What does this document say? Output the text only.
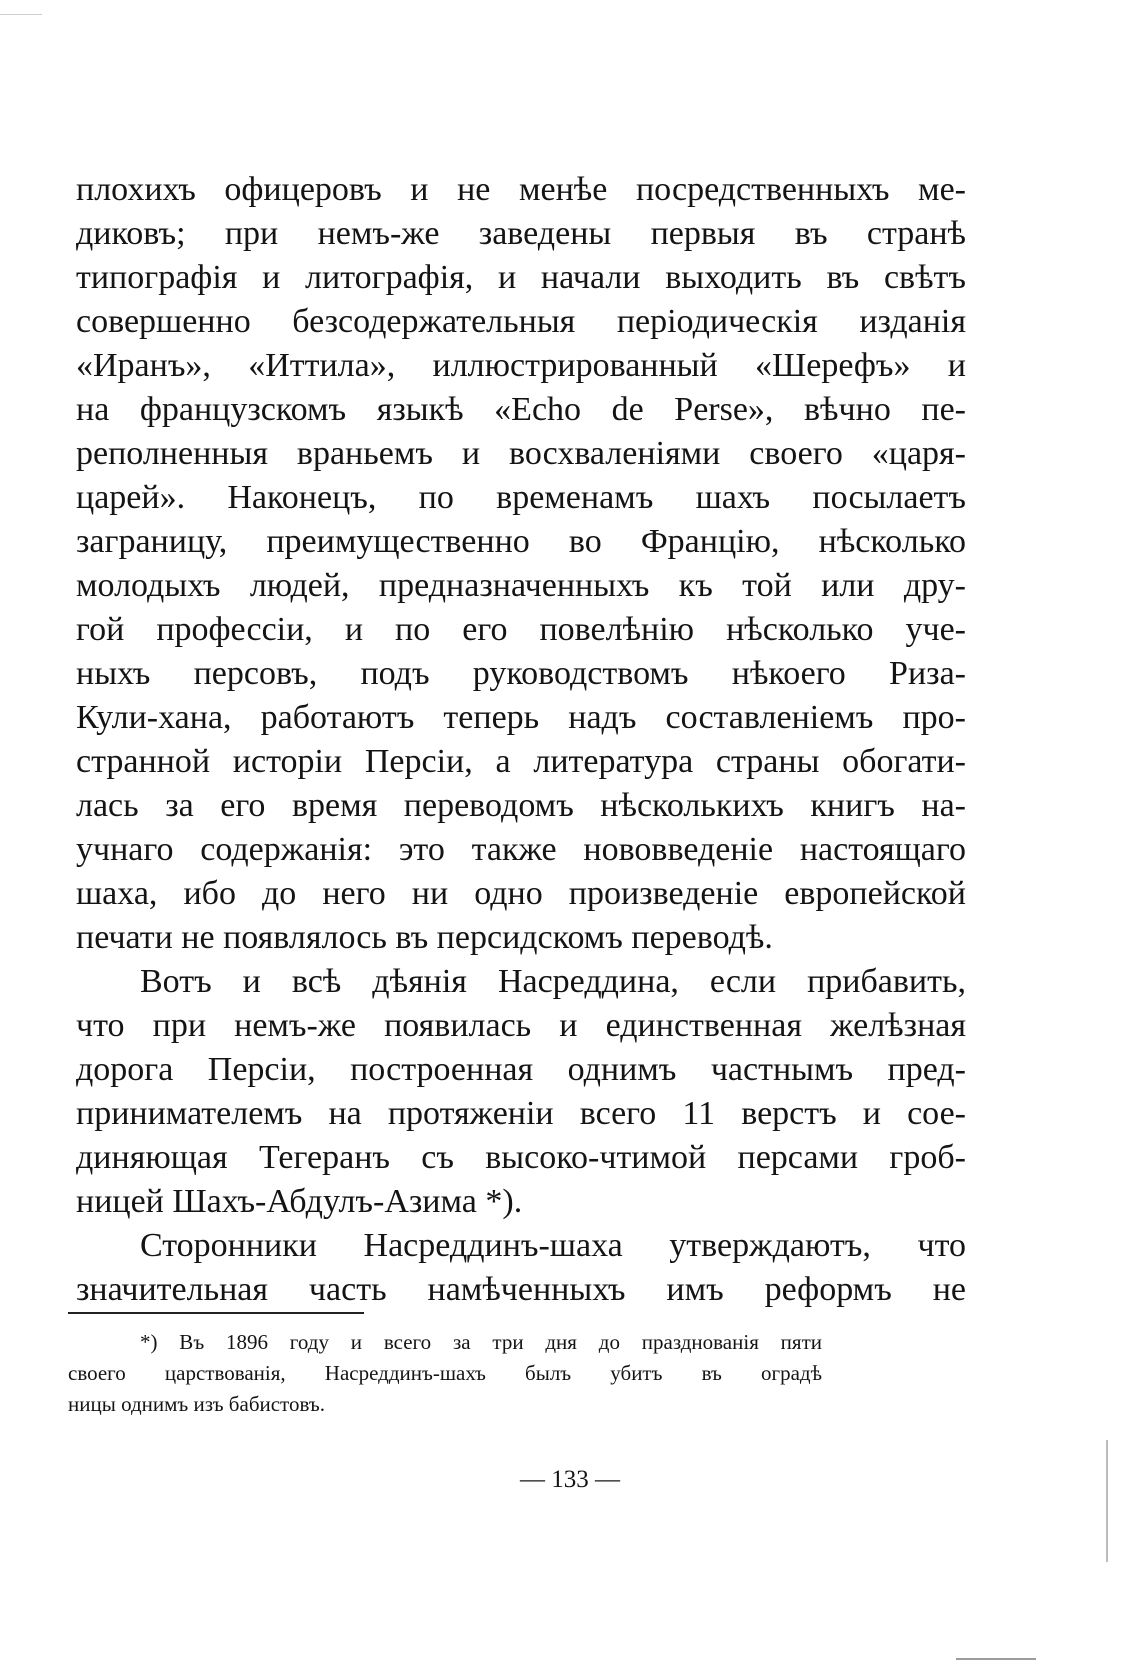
плохихъ офицеровъ и не менѣе посредственныхъ ме-
диковъ; при немъ-же заведены первыя въ странѣ
типографія и литографія, и начали выходить въ свѣтъ
совершенно безсодержательныя періодическія изданія
«Иранъ», «Иттила», иллюстрированный «Шерефъ» и
на французскомъ языкѣ «Echo de Perse», вѣчно пе-
реполненныя враньемъ и восхваленіями своего «царя-
царей». Наконецъ, по временамъ шахъ посылаетъ
заграницу, преимущественно во Францію, нѣсколько
молодыхъ людей, предназначенныхъ къ той или дру-
гой профессіи, и по его повелѣнію нѣсколько уче-
ныхъ персовъ, подъ руководствомъ нѣкоего Риза-
Кули-хана, работаютъ теперь надъ составленіемъ про-
странной исторіи Персіи, а литература страны обогати-
лась за его время переводомъ нѣсколькихъ книгъ на-
учнаго содержанія: это также нововведеніе настоящаго
шаха, ибо до него ни одно произведеніе европейской
печати не появлялось въ персидскомъ переводѣ.
Вотъ и всѣ дѣянія Насреддина, если прибавить,
что при немъ-же появилась и единственная желѣзная
дорога Персіи, построенная однимъ частнымъ пред-
принимателемъ на протяженіи всего 11 верстъ и сое-
диняющая Тегеранъ съ высоко-чтимой персами гроб-
ницей Шахъ-Абдулъ-Азима *).
Сторонники Насреддинъ-шаха утверждаютъ, что
значительная часть намѣченныхъ имъ реформъ не
*) Въ 1896 году и всего за три дня до празднованія пяти
своего царствованія, Насреддинъ-шахъ былъ убитъ въ оградѣ
ницы однимъ изъ бабистовъ.
— 133 —
